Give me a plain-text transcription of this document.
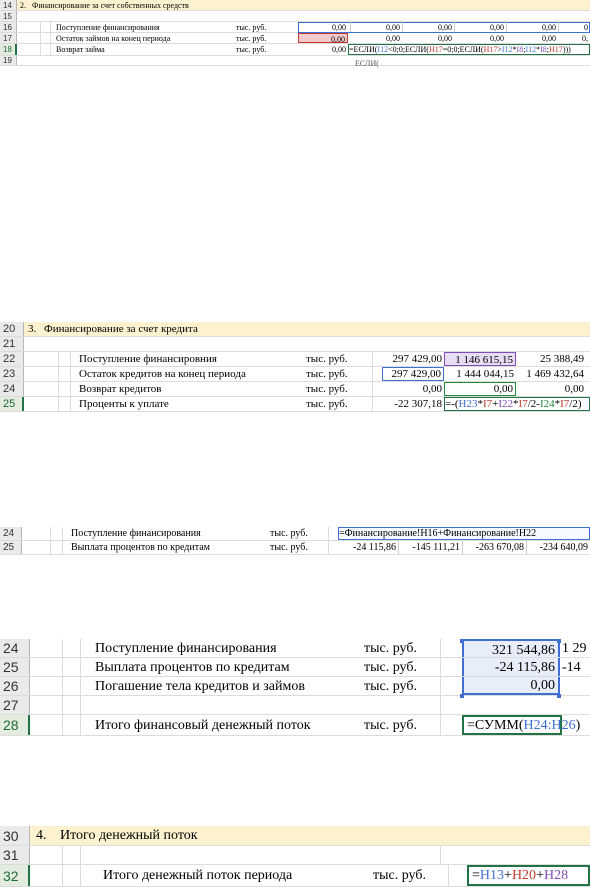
14	2. Финансирование за счет собственных средств
15
16	Поступление финансирования	тыс. руб.	0,00	0,00	0,00	0,00	0,00	0
17	Остаток займов на конец периода	тыс. руб.	0,00	0,00	0,00	0,00	0,00	0,
18	Возврат займа	тыс. руб.	0,00 =ЕСЛИ(I12<0;0;ЕСЛИ(H17=0;0;ЕСЛИ(H17>I12*I8;I12*I8;H17)))
19	ЕСЛИ(
20	3. Финансирование за счет кредита
21
22	Поступление финансировния	тыс. руб.	297 429,00	1 146 615,15	25 388,49
23	Остаток кредитов на конец периода	тыс. руб.	297 429,00	1 444 044,15	1 469 432,64
24	Возврат кредитов	тыс. руб.	0,00	0,00	0,00
25	Проценты к уплате	тыс. руб.	-22 307,18 =-(H23*I7+I22*I7/2-I24*I7/2)
24	Поступление финансирования	тыс. руб.	=Финансирование!H16+Финансирование!H22
25	Выплата процентов по кредитам	тыс. руб.	-24 115,86	-145 111,21	-263 670,08	-234 640,09
24	Поступление финансирования	тыс. руб.	321 544,86 1 29
25	Выплата процентов по кредитам	тыс. руб.	-24 115,86 -14
26	Погашение тела кредитов и займов	тыс. руб.	0,00
27
28	Итого финансовый денежный поток	тыс. руб.	=СУММ(H24:H26)
30	4. Итого денежный поток
31
32	Итого денежный поток периода	тыс. руб.	=H13+H20+H28
